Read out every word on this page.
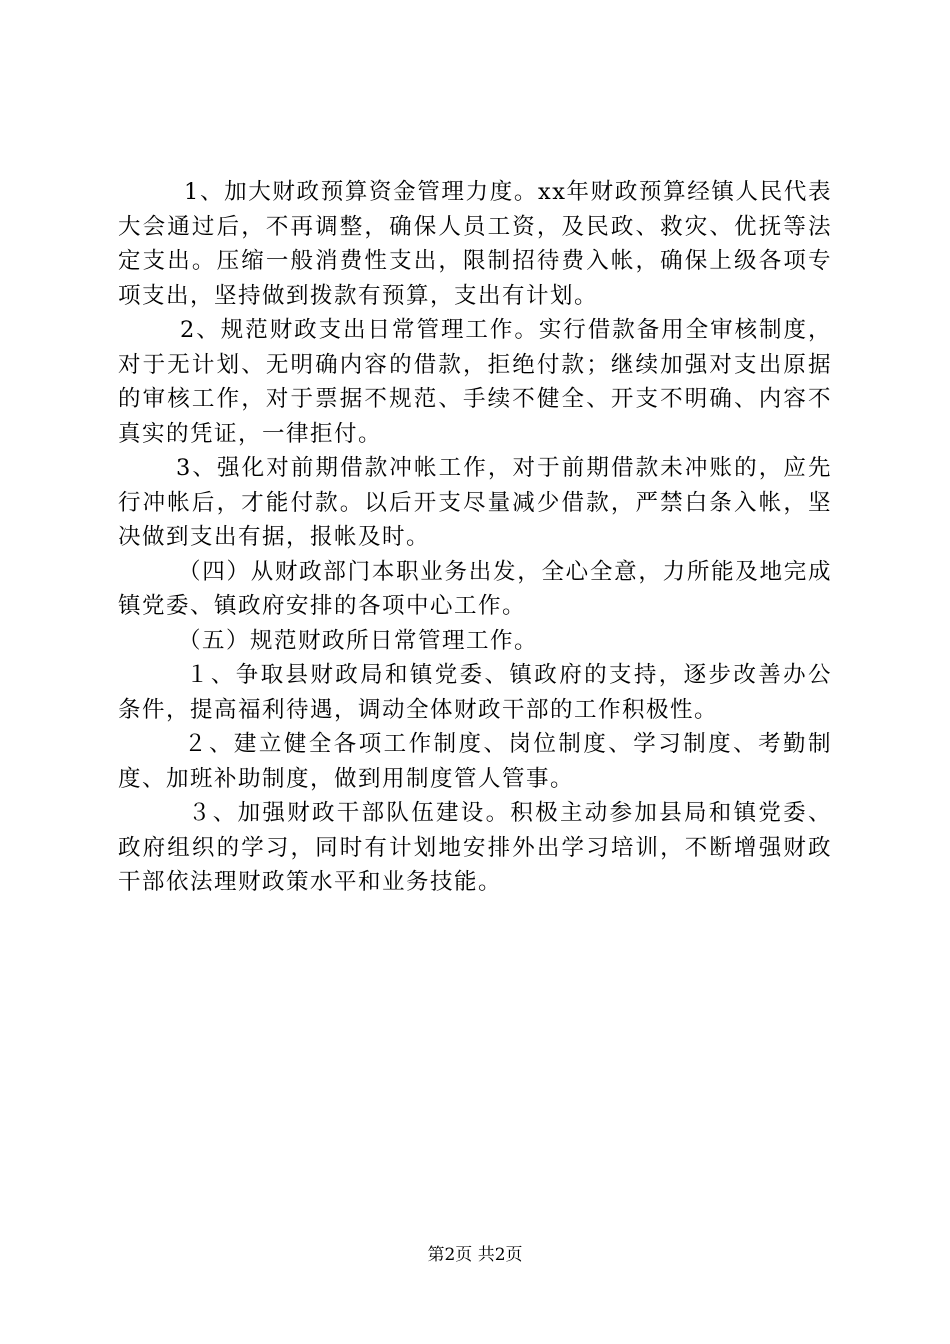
1、加大财政预算资金管理力度。xx年财政预算经镇人民代表大会通过后，不再调整，确保人员工资，及民政、救灾、优抚等法定支出。压缩一般消费性支出，限制招待费入帐，确保上级各项专项支出，坚持做到拨款有预算，支出有计划。

2、规范财政支出日常管理工作。实行借款备用全审核制度，对于无计划、无明确内容的借款，拒绝付款；继续加强对支出原据的审核工作，对于票据不规范、手续不健全、开支不明确、内容不真实的凭证，一律拒付。

3、强化对前期借款冲帐工作，对于前期借款未冲账的，应先行冲帐后，才能付款。以后开支尽量减少借款，严禁白条入帐，坚决做到支出有据，报帐及时。

（四）从财政部门本职业务出发，全心全意，力所能及地完成镇党委、镇政府安排的各项中心工作。

（五）规范财政所日常管理工作。

１、争取县财政局和镇党委、镇政府的支持，逐步改善办公条件，提高福利待遇，调动全体财政干部的工作积极性。

２、建立健全各项工作制度、岗位制度、学习制度、考勤制度、加班补助制度，做到用制度管人管事。

３、加强财政干部队伍建设。积极主动参加县局和镇党委、政府组织的学习，同时有计划地安排外出学习培训，不断增强财政干部依法理财政策水平和业务技能。

第2页 共2页
